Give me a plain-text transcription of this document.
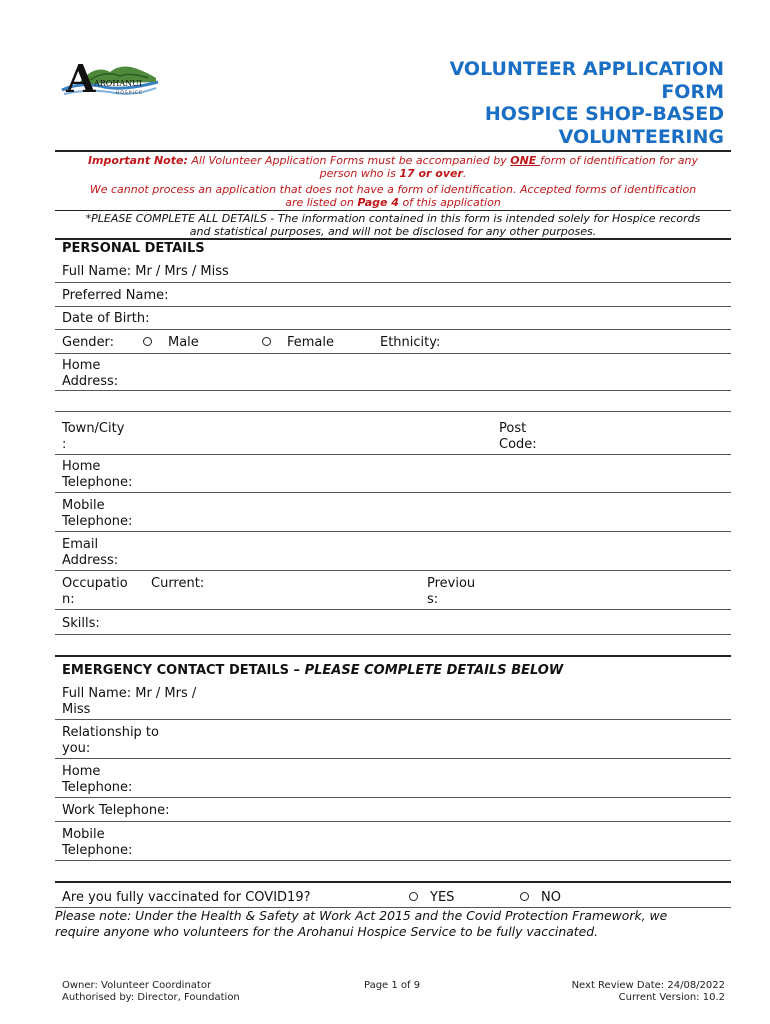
A
AROHANUI
HOSPICE
VOLUNTEER APPLICATION
FORM
HOSPICE SHOP-BASED
VOLUNTEERING
Important Note: All Volunteer Application Forms must be accompanied by ONE form of identification for any
person who is 17 or over.
We cannot process an application that does not have a form of identification. Accepted forms of identification
are listed on Page 4 of this application
*PLEASE COMPLETE ALL DETAILS - The information contained in this form is intended solely for Hospice records
and statistical purposes, and will not be disclosed for any other purposes.
PERSONAL DETAILS
Full Name: Mr / Mrs / Miss
Preferred Name:
Date of Birth:
Gender:	Male	Female	Ethnicity:
Home
Address:
Town/City
:
Post
Code:
Home
Telephone:
Mobile
Telephone:
Email
Address:
Occupatio
n:
Current:	Previou
s:
Skills:
EMERGENCY CONTACT DETAILS – PLEASE COMPLETE DETAILS BELOW
Full Name: Mr / Mrs /
Miss
Relationship to
you:
Home
Telephone:
Work Telephone:
Mobile
Telephone:
Are you fully vaccinated for COVID19?	YES	NO
Please note: Under the Health & Safety at Work Act 2015 and the Covid Protection Framework, we
require anyone who volunteers for the Arohanui Hospice Service to be fully vaccinated.
Owner: Volunteer Coordinator
Authorised by: Director, Foundation
Page 1 of 9	Next Review Date: 24/08/2022
Current Version: 10.2
